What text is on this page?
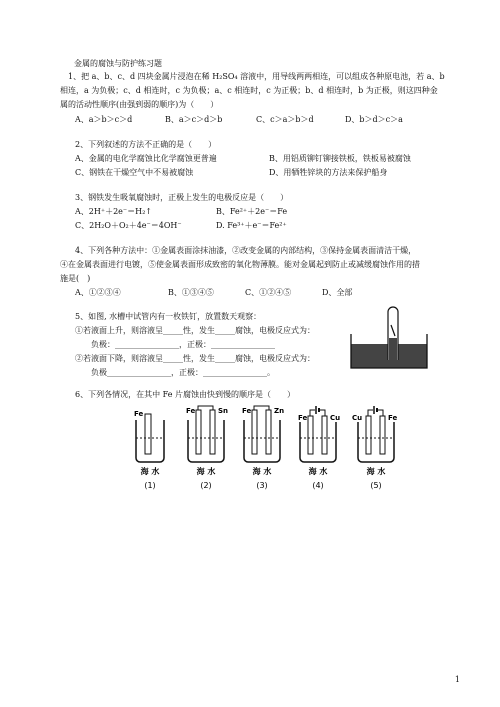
金属的腐蚀与防护练习题
1、把 a、b、c、d 四块金属片浸泡在稀 H₂SO₄ 溶液中，用导线两两相连，可以组成各种原电池，若 a、b
相连，a 为负极；c、d 相连时，c 为负极；a、c 相连时，c 为正极；b、d 相连时，b 为正极，则这四种金
属的活动性顺序(由强到弱的顺序)为（　　）
A、a＞b＞c＞d	B、a＞c＞d＞b	C、c＞a＞b＞d	D、b＞d＞c＞a
2、下列叙述的方法不正确的是（　　）
A、金属的电化学腐蚀比化学腐蚀更普遍	B、用铝质铆钉铆接铁板，铁板易被腐蚀
C、钢铁在干燥空气中不易被腐蚀	D、用牺牲锌块的方法来保护船身
3、钢铁发生吸氧腐蚀时，正极上发生的电极反应是（　　）
A、2H⁺＋2e⁻＝H₂↑	B、Fe²⁺＋2e⁻＝Fe
C、2H₂O＋O₂＋4e⁻＝4OH⁻	D. Fe³⁺＋e⁻＝Fe²⁺
4、下列各种方法中：①金属表面涂抹油漆，②改变金属的内部结构，③保持金属表面清洁干燥，
④在金属表面进行电镀，⑤使金属表面形成致密的氧化物薄膜。能对金属起到防止或减缓腐蚀作用的措
施是(　)
A、①②③④	B、①③④⑤	C、①②④⑤	D、全部
5、如图, 水槽中试管内有一枚铁钉，放置数天观察：
①若液面上升，则溶液呈_____性，发生_____腐蚀，电极反应式为：
负极：________________，正极：________________
②若液面下降，则溶液呈_____性，发生_____腐蚀，电极反应式为：
负极________________，正极：________________。
6、下列各情况，在其中 Fe 片腐蚀由快到慢的顺序是（　　）
Fe
海 水
(1)
Fe	Sn
海 水
(2)
Fe	Zn
海 水
(3)
Fe	Cu
海 水
(4)
Cu	Fe
海 水
(5)
1
